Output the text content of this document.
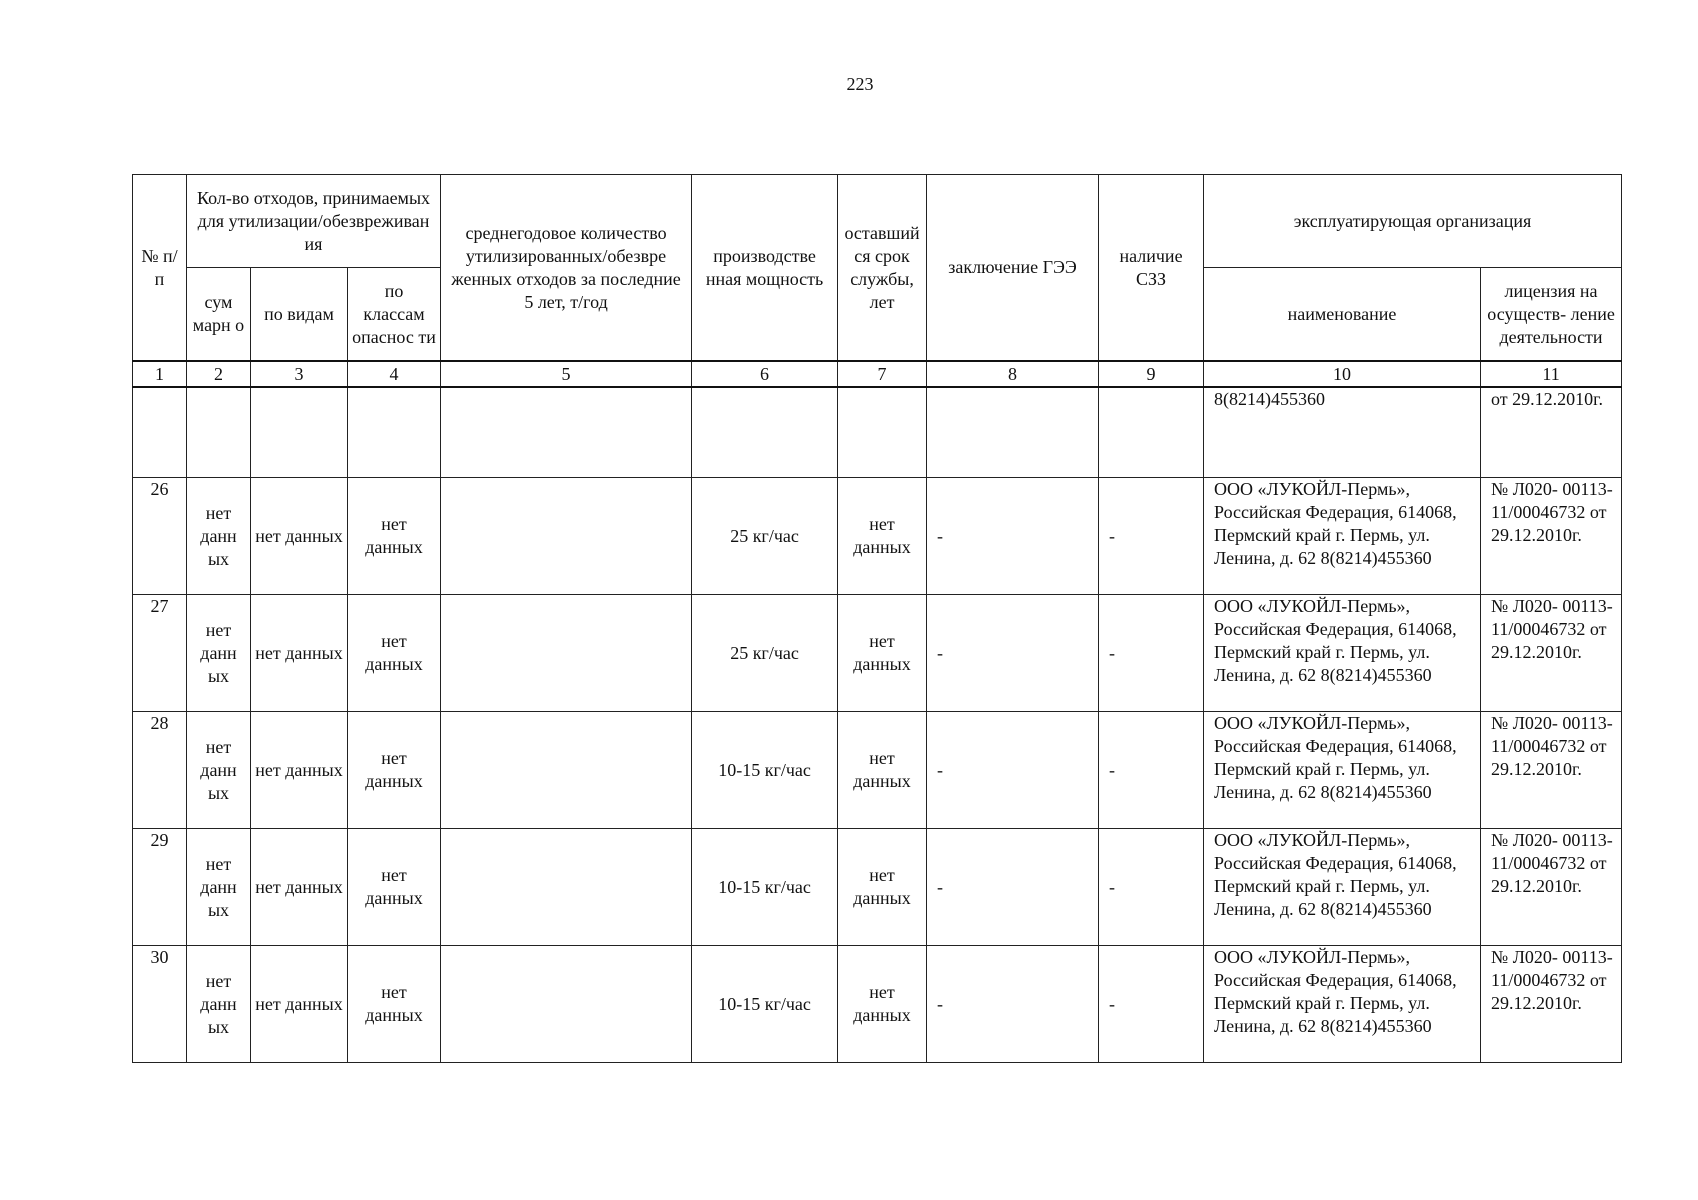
223
№ п/п	Кол-во отходов, принимаемых для утилизации/обезвреживан ия			среднегодовое количество утилизированных/обезвре женных отходов за последние 5 лет, т/год	производстве нная мощность	оставший ся срок службы, лет	заключение ГЭЭ	наличие СЗЗ	эксплуатирующая организация	
	сум марн о	по видам	по классам опаснос ти						наименование	лицензия на осуществ- ление деятельности
1	2	3	4	5	6	7	8	9	10	11
									8(8214)455360	от 29.12.2010г.
26	нет данн ых	нет данных	нет данных		25 кг/час	нет данных	-	-	ООО «ЛУКОЙЛ-Пермь», Российская Федерация, 614068, Пермский край г. Пермь, ул. Ленина, д. 62 8(8214)455360	№ Л020- 00113- 11/00046732 от 29.12.2010г.
27	нет данн ых	нет данных	нет данных		25 кг/час	нет данных	-	-	ООО «ЛУКОЙЛ-Пермь», Российская Федерация, 614068, Пермский край г. Пермь, ул. Ленина, д. 62 8(8214)455360	№ Л020- 00113- 11/00046732 от 29.12.2010г.
28	нет данн ых	нет данных	нет данных		10-15 кг/час	нет данных	-	-	ООО «ЛУКОЙЛ-Пермь», Российская Федерация, 614068, Пермский край г. Пермь, ул. Ленина, д. 62 8(8214)455360	№ Л020- 00113- 11/00046732 от 29.12.2010г.
29	нет данн ых	нет данных	нет данных		10-15 кг/час	нет данных	-	-	ООО «ЛУКОЙЛ-Пермь», Российская Федерация, 614068, Пермский край г. Пермь, ул. Ленина, д. 62 8(8214)455360	№ Л020- 00113- 11/00046732 от 29.12.2010г.
30	нет данн ых	нет данных	нет данных		10-15 кг/час	нет данных	-	-	ООО «ЛУКОЙЛ-Пермь», Российская Федерация, 614068, Пермский край г. Пермь, ул. Ленина, д. 62 8(8214)455360	№ Л020- 00113- 11/00046732 от 29.12.2010г.
